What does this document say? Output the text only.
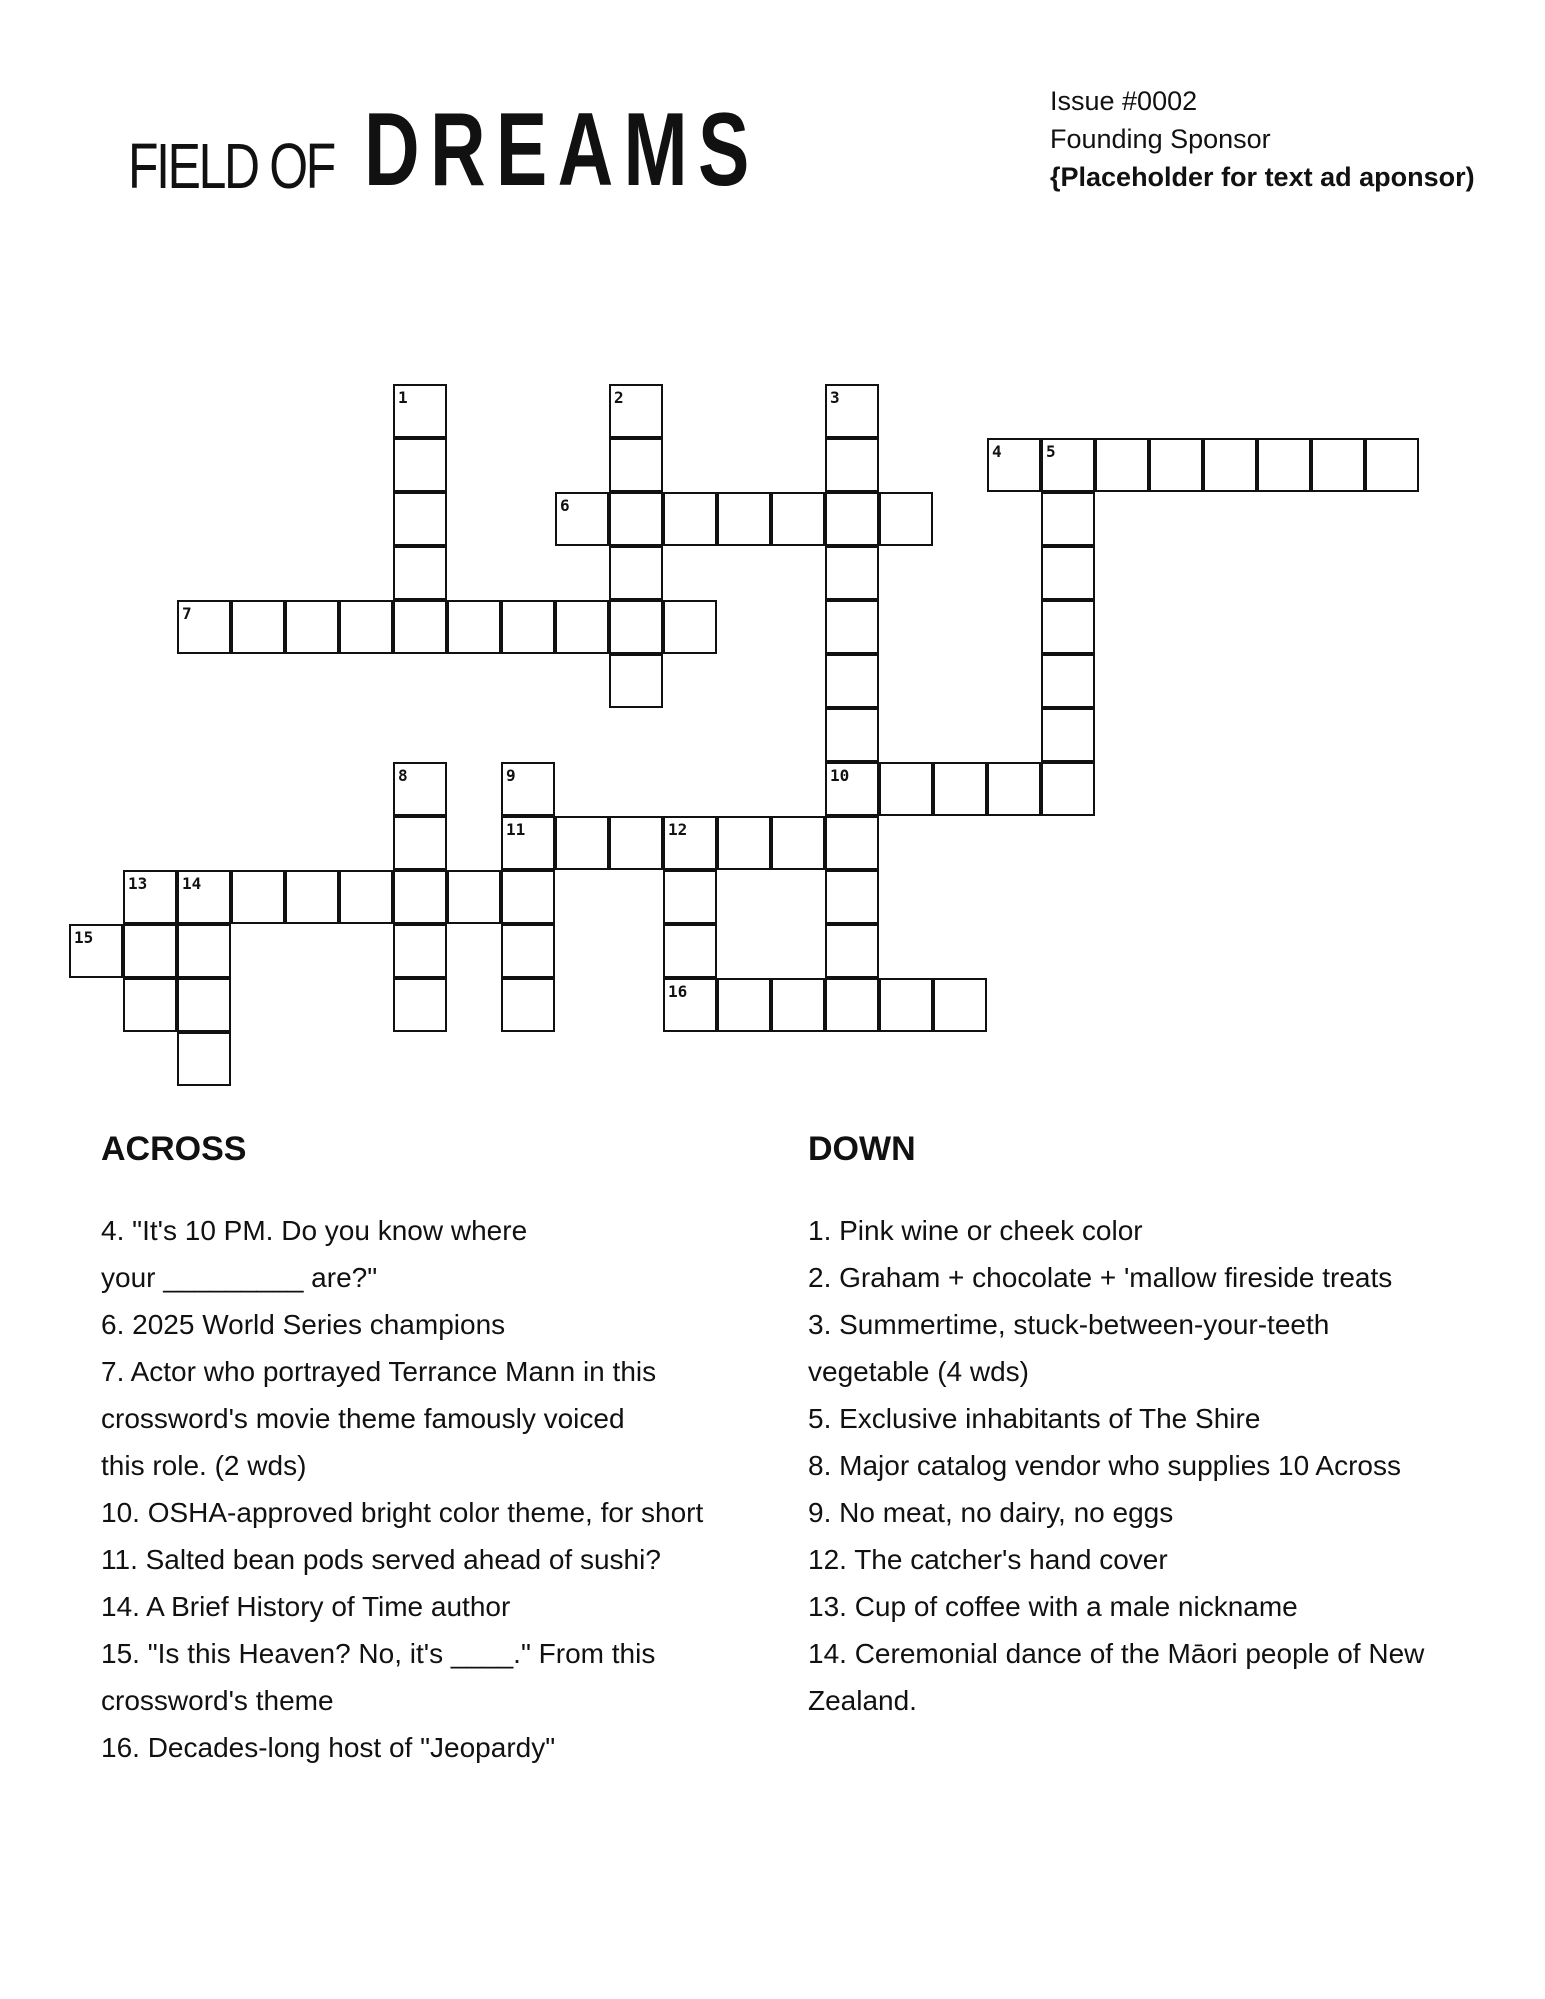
FIELD OF DREAMS	Issue #0002
Founding Sponsor
{Placeholder for text ad aponsor)
1	2	3
4	5
6
7
8	9	10
11	12
13 14
15
16
ACROSS
4. "It's 10 PM. Do you know where
your _________ are?"
6. 2025 World Series champions
7. Actor who portrayed Terrance Mann in this
crossword's movie theme famously voiced
this role. (2 wds)
10. OSHA-approved bright color theme, for short
11. Salted bean pods served ahead of sushi?
14. A Brief History of Time author
15. "Is this Heaven? No, it's ____." From this
crossword's theme
16. Decades-long host of "Jeopardy"
DOWN
1. Pink wine or cheek color
2. Graham + chocolate + 'mallow fireside treats
3. Summertime, stuck-between-your-teeth
vegetable (4 wds)
5. Exclusive inhabitants of The Shire
8. Major catalog vendor who supplies 10 Across
9. No meat, no dairy, no eggs
12. The catcher's hand cover
13. Cup of coffee with a male nickname
14. Ceremonial dance of the Māori people of New
Zealand.
